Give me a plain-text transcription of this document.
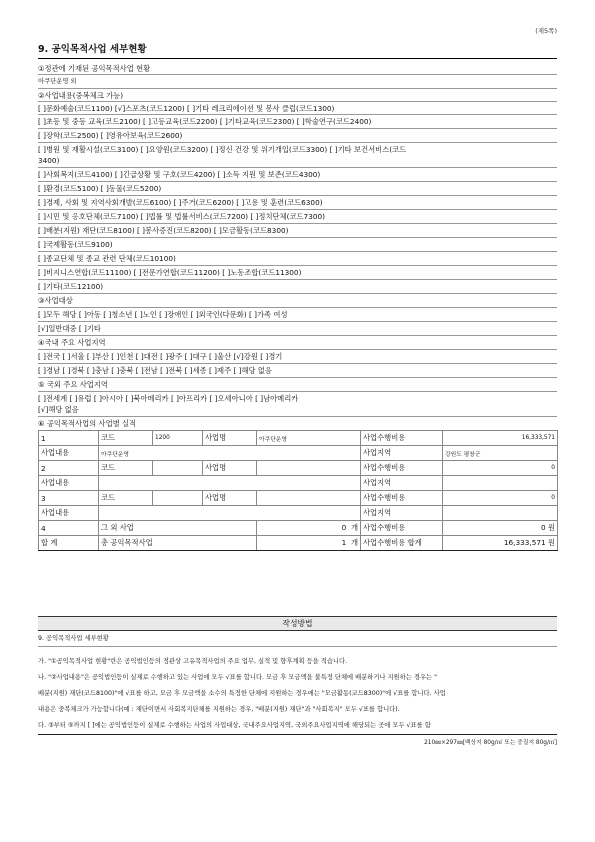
(제5쪽)
9. 공익목적사업 세부현황
①정관에 기재된 공익목적사업 현황
아쿠단운영 외
②사업내용(중복체크 가능)
[ ]문화예술(코드1100) [√]스포츠(코드1200) [ ]기타 레크리에이션 및 봉사 클럽(코드1300)
[ ]초등 및 중등 교육(코드2100) [ ]고등교육(코드2200) [ ]기타교육(코드2300) [ ]학술연구(코드2400)
[ ]장학(코드2500) [ ]영유아보육(코드2600)
[ ]병원 및 재활시설(코드3100) [ ]요양원(코드3200) [ ]정신 건강 및 위기개입(코드3300) [ ]기타 보건서비스(코드
3400)
[ ]사회복지(코드4100) [ ]긴급상황 및 구호(코드4200) [ ]소득 지원 및 보존(코드4300)
[ ]환경(코드5100) [ ]동물(코드5200)
[ ]경제, 사회 및 지역사회개발(코드6100) [ ]주거(코드6200) [ ]고용 및 훈련(코드6300)
[ ]시민 및 옹호단체(코드7100) [ ]법률 및 법률서비스(코드7200) [ ]정치단체(코드7300)
[ ]배분(지원) 재단(코드8100) [ ]봉사증진(코드8200) [ ]모금활동(코드8300)
[ ]국제활동(코드9100)
[ ]종교단체 및 종교 관련 단체(코드10100)
[ ]비지니스연합(코드11100) [ ]전문가연합(코드11200) [ ]노동조합(코드11300)
[ ]기타(코드12100)
③사업대상
[ ]모두 해당 [ ]아동 [ ]청소년 [ ]노인 [ ]장애인 [ ]외국인(다문화) [ ]가족 여성
[√]일반대중 [ ]기타
④국내 주요 사업지역
[ ]전국 [ ]서울 [ ]부산 [ ]인천 [ ]대전 [ ]광주 [ ]대구 [ ]울산 [√]강원 [ ]경기
[ ]경남 [ ]경북 [ ]충남 [ ]충북 [ ]전남 [ ]전북 [ ]세종 [ ]제주 [ ]해당 없음
⑤ 국외 주요 사업지역
[ ]전세계 [ ]유럽 [ ]아시아 [ ]북아메리카 [ ]아프리카 [ ]오세아니아 [ ]남아메리카
[√]해당 없음
⑥ 공익목적사업의 사업별 실적
1	코드	1200	사업명	아쿠단운영	사업수행비용	16,333,571
사업내용	아쿠단운영				사업지역	강원도 평창군
2	코드		사업명		사업수행비용	0
사업내용					사업지역	
3	코드		사업명		사업수행비용	0
사업내용					사업지역	
4	그 외 사업			0 개	사업수행비용	0 원
합 계	총 공익목적사업			1 개	사업수행비용 합계	16,333,571 원
작성방법
9. 공익목적사업 세부현황
가. "①공익목적사업 현황"란은 공익법인등의 정관상 고유목적사업의 주요 업무, 실적 및 향후계획 등을 적습니다.
나. "②사업내용"은 공익법인등이 실제로 수행하고 있는 사업에 모두 √표를 합니다. 모금 후 모금액을 불특정 단체에 배분하거나 지원하는 경우는 "
배분(지원) 재단(코드8100)"에 √표를 하고, 모금 후 모금액을 소수의 특정한 단체에 지원하는 경우에는 "모금활동(코드8300)"에 √표를 합니다. 사업
내용은 중복체크가 가능합니다(예 : 재단이면서 사회복지단체를 지원하는 경우, "배분(지원) 재단"과 "사회복지" 모두 √표를 합니다).
다. ③부터 ⑤까지 [ ]에는 공익법인등이 실제로 수행하는 사업의 사업대상, 국내주요사업지역, 국외주요사업지역에 해당되는 곳에 모두 √표를 함
210㎜×297㎜[백상지 80g/㎡ 또는 중질지 80g/㎡]
